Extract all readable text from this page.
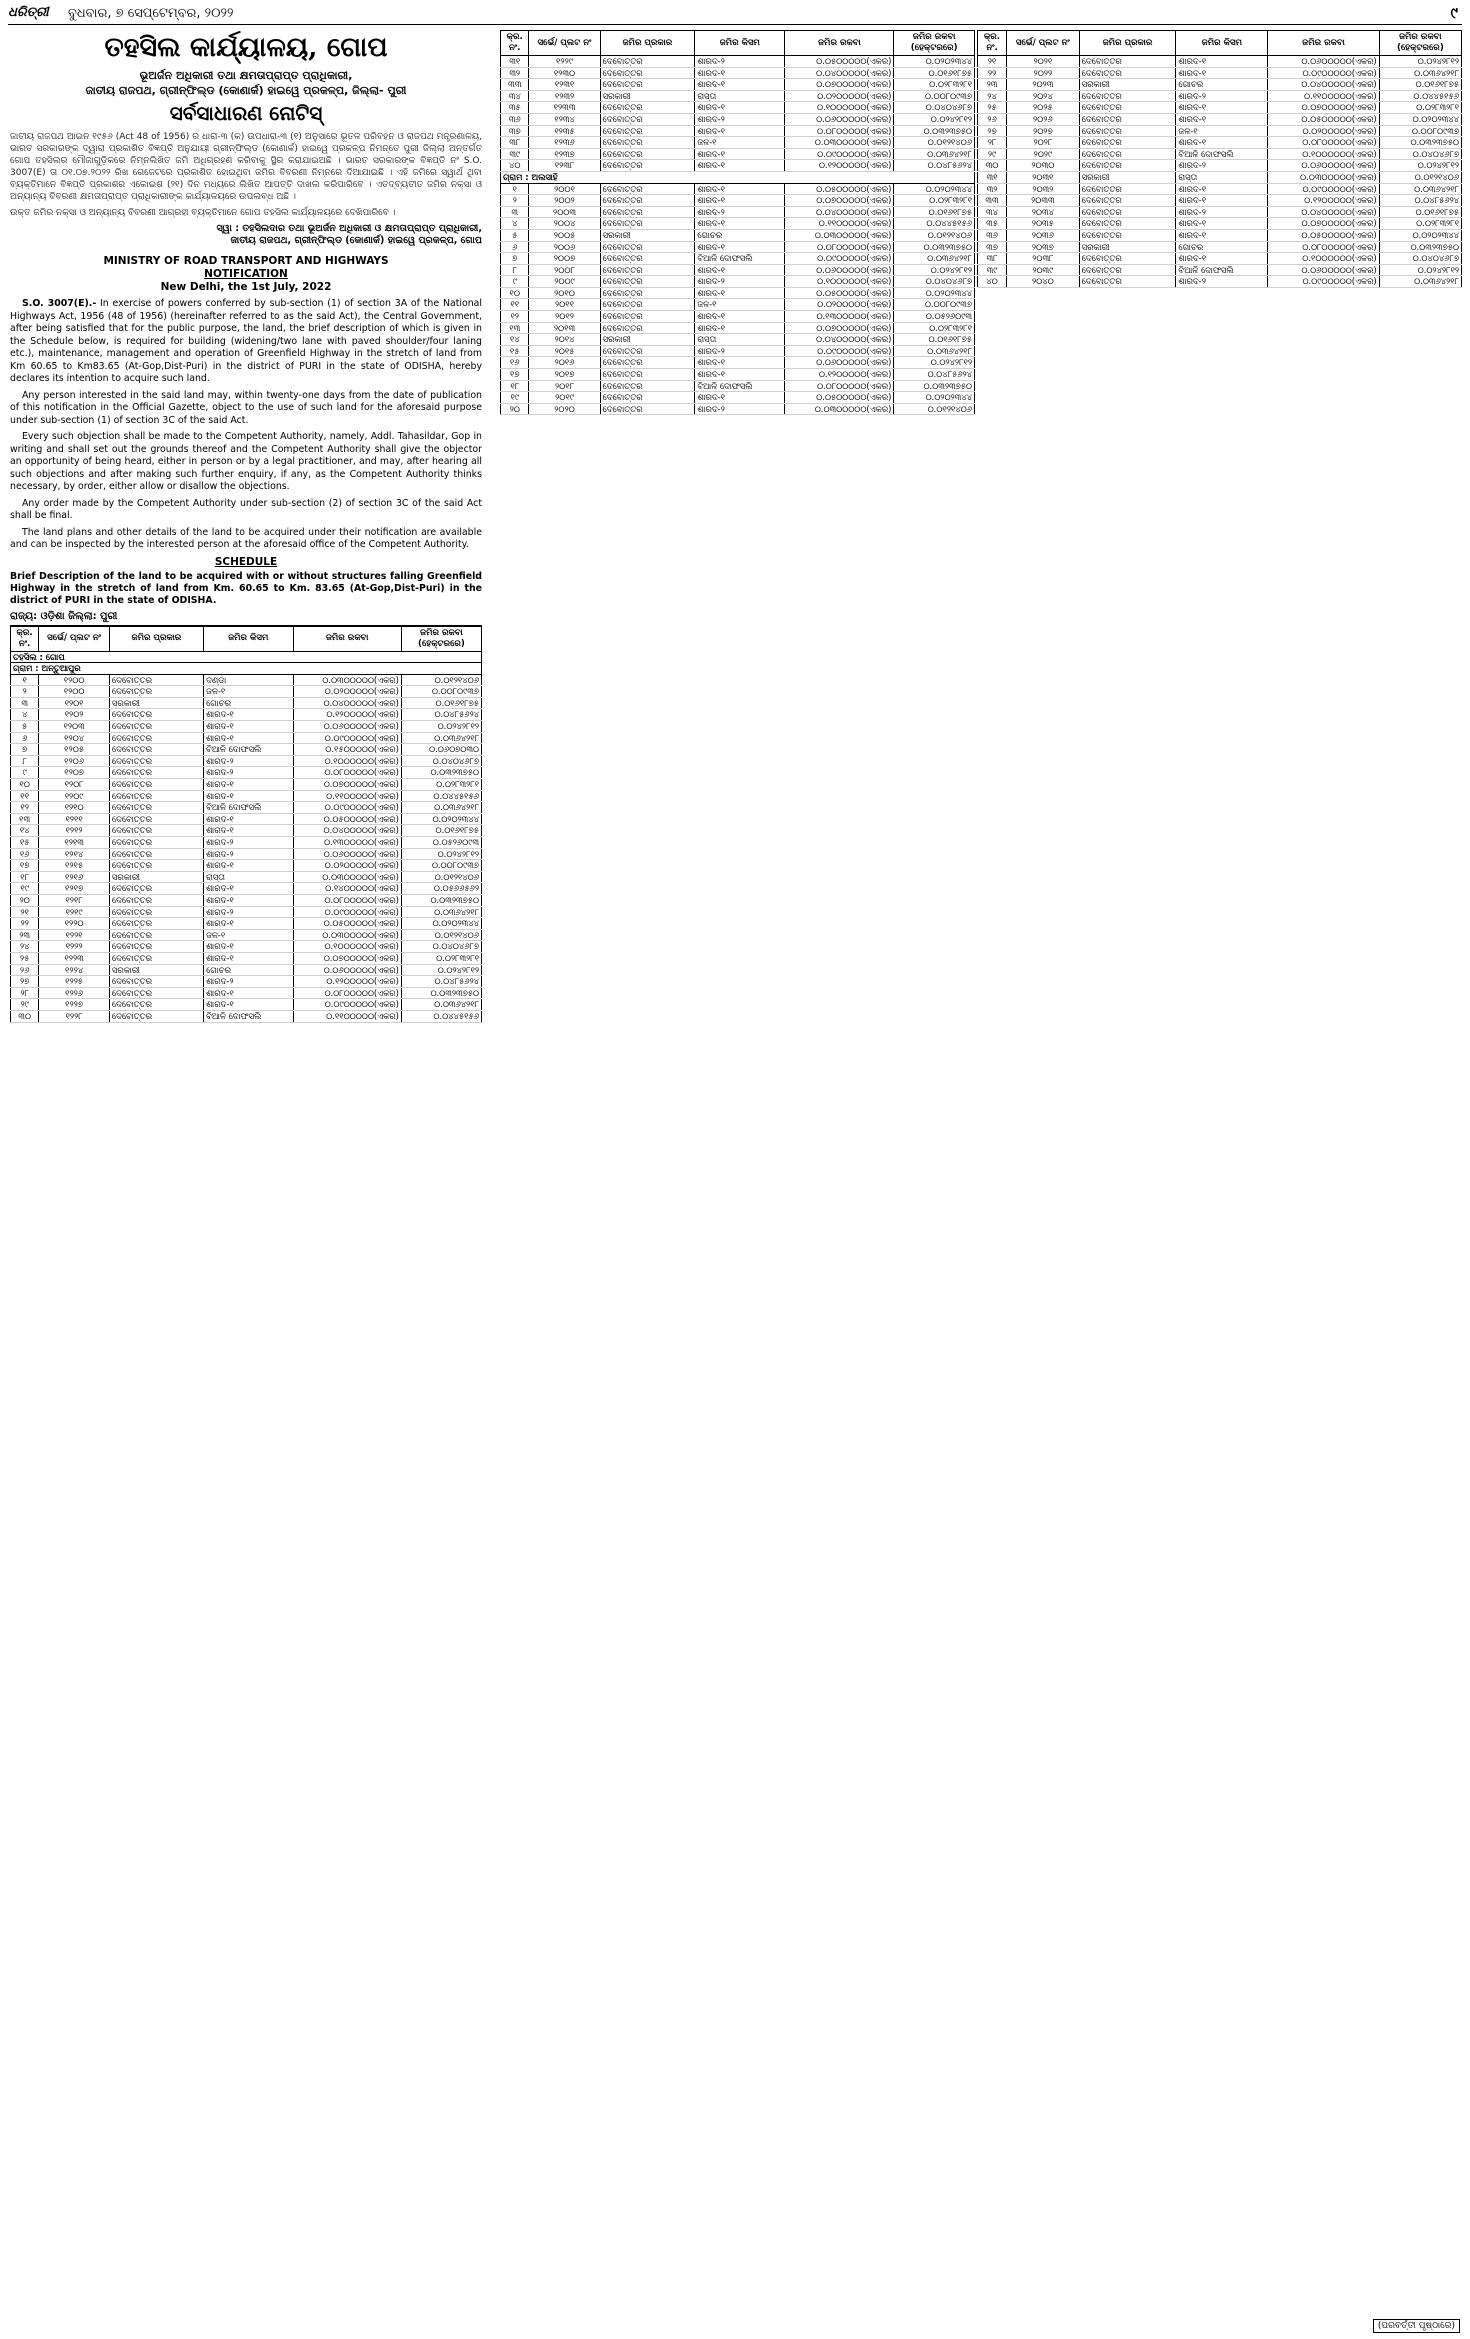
ଧରିତ୍ରୀ ବୁଧବାର, ୭ ସେପ୍ଟେମ୍ବର, ୨୦୨୨	୯
ତହସିଲ କାର୍ଯ୍ୟାଳୟ, ଗୋପ
ଭୂଅର୍ଜନ ଅଧିକାରୀ ତଥା କ୍ଷମତାପ୍ରାପ୍ତ ପ୍ରାଧିକାରୀ,
ଜାତୀୟ ରାଜପଥ, ଗ୍ରୀନ୍‌ଫିଲ୍ଡ (କୋଣାର୍କ) ହାଇୱେ ପ୍ରକଳ୍ପ, ଜିଲ୍ଲା- ପୁରୀ
ସର୍ବସାଧାରଣ ନୋଟିସ୍

ଜାତୀୟ ରାଜପଥ ଆଇନ ୧୯୫୬ (Act 48 of 1956) ର ଧାରା-୩ (କ) ଉପଧାରା-୩ (୧) ଅନୁସାରେ ଭୂତଳ ପରିବହନ ଓ ରାଜପଥ ମନ୍ତ୍ରଣାଳୟ, ଭାରତ ସରକାରଙ୍କ ଦ୍ୱାରା ପ୍ରକାଶିତ ବିଜ୍ଞପ୍ତି ଅନୁଯାୟୀ ଗ୍ରୀନ୍‌ଫିଲ୍ଡ (କୋଣାର୍କ) ହାଇୱେ ପ୍ରକଳ୍ପ ନିମନ୍ତେ ପୁରୀ ଜିଲ୍ଲା ଅନ୍ତର୍ଗତ ଗୋପ ତହସିଲର ମୌଜାଗୁଡ଼ିକରେ ନିମ୍ନଲିଖିତ ଜମି ଅଧିଗ୍ରହଣ କରିବାକୁ ସ୍ଥିର କରାଯାଇଅଛି । ଭାରତ ସରକାରଙ୍କ ବିଜ୍ଞପ୍ତି ନଂ S.O. 3007(E) ତା ୦୧.୦୭.୨୦୨୨ ରିଖ ଗେଜେଟରେ ପ୍ରକାଶିତ ହୋଇଥିବା ଜମିର ବିବରଣୀ ନିମ୍ନରେ ଦିଆଯାଇଛି । ଏହି ଜମିରେ ସ୍ୱାର୍ଥ ଥିବା ବ୍ୟକ୍ତିମାନେ ବିଜ୍ଞପ୍ତି ପ୍ରକାଶର ଏକୋଇଶ (୨୧) ଦିନ ମଧ୍ୟରେ ଲିଖିତ ଆପତ୍ତି ଦାଖଲ କରିପାରିବେ । ଏତଦ୍ବ୍ୟତୀତ ଜମିର ନକ୍ସା ଓ ଅନ୍ୟାନ୍ୟ ବିବରଣୀ କ୍ଷମତାପ୍ରାପ୍ତ ପ୍ରାଧିକାରୀଙ୍କ କାର୍ଯ୍ୟାଳୟରେ ଉପଲବ୍ଧ ଅଛି ।

ଉକ୍ତ ଜମିର ନକ୍ସା ଓ ଅନ୍ୟାନ୍ୟ ବିବରଣୀ ଆଗ୍ରହୀ ବ୍ୟକ୍ତିମାନେ ଗୋପ ତହସିଲ କାର୍ଯ୍ୟାଳୟରେ ଦେଖିପାରିବେ ।

ସ୍ୱା : ତହସିଲଦାର ତଥା ଭୂଅର୍ଜନ ଅଧିକାରୀ ଓ କ୍ଷମତାପ୍ରାପ୍ତ ପ୍ରାଧିକାରୀ,
ଜାତୀୟ ରାଜପଥ, ଗ୍ରୀନ୍‌ଫିଲ୍ଡ (କୋଣାର୍କ) ହାଇୱେ ପ୍ରକଳ୍ପ, ଗୋପ
MINISTRY OF ROAD TRANSPORT AND HIGHWAYS
NOTIFICATION
New Delhi, the 1st July, 2022

S.O. 3007(E).- In exercise of powers conferred by sub-section (1) of section 3A of the National Highways Act, 1956 (48 of 1956) (hereinafter referred to as the said Act), the Central Government, after being satisfied that for the public purpose, the land, the brief description of which is given in the Schedule below, is required for building (widening/two lane with paved shoulder/four laning etc.), maintenance, management and operation of Greenfield Highway in the stretch of land from Km 60.65 to Km83.65 (At-Gop,Dist-Puri) in the district of PURI in the state of ODISHA, hereby declares its intention to acquire such land.

Any person interested in the said land may, within twenty-one days from the date of publication of this notification in the Official Gazette, object to the use of such land for the aforesaid purpose under sub-section (1) of section 3C of the said Act.

Every such objection shall be made to the Competent Authority, namely, Addl. Tahasildar, Gop in writing and shall set out the grounds thereof and the Competent Authority shall give the objector an opportunity of being heard, either in person or by a legal practitioner, and may, after hearing all such objections and after making such further enquiry, if any, as the Competent Authority thinks necessary, by order, either allow or disallow the objections.

Any order made by the Competent Authority under sub-section (2) of section 3C of the said Act shall be final.

The land plans and other details of the land to be acquired under their notification are available and can be inspected by the interested person at the aforesaid office of the Competent Authority.

SCHEDULE

Brief Description of the land to be acquired with or without structures falling Greenfield Highway in the stretch of land from Km. 60.65 to Km. 83.65 (At-Gop,Dist-Puri) in the district of PURI in the state of ODISHA.

ରାଜ୍ୟ: ଓଡ଼ିଶା ଜିଲ୍ଲା: ପୁରୀ
କ୍ର. ନଂ.	ସର୍ଭେ/ ପ୍ଲଟ ନଂ	ଜମିର ପ୍ରକାର	ଜମିର କିସମ	ଜମିର ରକବା	ଜମିର ରକବା (ହେକ୍ଟରରେ)
ତହସିଲ : ଗୋପ					
ଗ୍ରାମ : ଅନ୍ତୁଆପୁର					
୧	୧୨୦୦	ଦେବୋତ୍ତର	ଦଣ୍ଡା	୦.୦୩୦୦୦୦୦(ଏକର)	୦.୦୧୨୧୪୦୬
୨	୧୨୦୦	ଦେବୋତ୍ତର	ଜଳ-୧	୦.୦୨୦୦୦୦୦(ଏକର)	୦.୦୦୮୦୯୩୭
୩	୧୨୦୧	ସରକାରୀ	ଗୋଚର	୦.୦୪୦୦୦୦୦(ଏକର)	୦.୦୧୬୧୮୭୫
୪	୧୨୦୨	ଦେବୋତ୍ତର	ଶାରଦ-୧	୦.୧୨୦୦୦୦୦(ଏକର)	୦.୦୪୮୫୬୨୪
୫	୧୨୦୩	ଦେବୋତ୍ତର	ଶାରଦ-୧	୦.୦୬୦୦୦୦୦(ଏକର)	୦.୦୨୪୨୮୧୨
୬	୧୨୦୪	ଦେବୋତ୍ତର	ଶାରଦ-୧	୦.୦୯୦୦୦୦୦(ଏକର)	୦.୦୩୬୪୨୧୮
୭	୧୨୦୫	ଦେବୋତ୍ତର	ବିଆଳି ଦୋଫସଲି	୦.୧୫୦୦୦୦୦(ଏକର)	୦.୦୬୦୭୦୩୦
୮	୧୨୦୬	ଦେବୋତ୍ତର	ଶାରଦ-୨	୦.୧୦୦୦୦୦୦(ଏକର)	୦.୦୪୦୪୬୮୭
୯	୧୨୦୭	ଦେବୋତ୍ତର	ଶାରଦ-୨	୦.୦୮୦୦୦୦୦(ଏକର)	୦.୦୩୨୩୭୫୦
୧୦	୧୨୦୮	ଦେବୋତ୍ତର	ଶାରଦ-୧	୦.୦୭୦୦୦୦୦(ଏକର)	୦.୦୨୮୩୨୮୧
୧୧	୧୨୦୯	ଦେବୋତ୍ତର	ଶାରଦ-୧	୦.୧୧୦୦୦୦୦(ଏକର)	୦.୦୪୪୫୧୫୬
୧୨	୧୨୧୦	ଦେବୋତ୍ତର	ବିଆଳି ଦୋଫସଲି	୦.୦୯୦୦୦୦୦(ଏକର)	୦.୦୩୬୪୨୧୮
୧୩	୧୨୧୧	ଦେବୋତ୍ତର	ଶାରଦ-୧	୦.୦୫୦୦୦୦୦(ଏକର)	୦.୦୨୦୨୩୪୪
୧୪	୧୨୧୨	ଦେବୋତ୍ତର	ଶାରଦ-୧	୦.୦୪୦୦୦୦୦(ଏକର)	୦.୦୧୬୧୮୭୫
୧୫	୧୨୧୩	ଦେବୋତ୍ତର	ଶାରଦ-୨	୦.୧୩୦୦୦୦୦(ଏକର)	୦.୦୫୨୬୦୯୩
୧୬	୧୨୧୪	ଦେବୋତ୍ତର	ଶାରଦ-୨	୦.୦୬୦୦୦୦୦(ଏକର)	୦.୦୨୪୨୮୧୨
୧୭	୧୨୧୫	ଦେବୋତ୍ତର	ଶାରଦ-୧	୦.୦୨୦୦୦୦୦(ଏକର)	୦.୦୦୮୦୯୩୭
୧୮	୧୨୧୬	ସରକାରୀ	ରାସ୍ତା	୦.୦୩୦୦୦୦୦(ଏକର)	୦.୦୧୨୧୪୦୬
୧୯	୧୨୧୭	ଦେବୋତ୍ତର	ଶାରଦ-୧	୦.୧୪୦୦୦୦୦(ଏକର)	୦.୦୫୬୬୫୬୨
୨୦	୧୨୧୮	ଦେବୋତ୍ତର	ଶାରଦ-୧	୦.୦୮୦୦୦୦୦(ଏକର)	୦.୦୩୨୩୭୫୦
୨୧	୧୨୧୯	ଦେବୋତ୍ତର	ଶାରଦ-୨	୦.୦୯୦୦୦୦୦(ଏକର)	୦.୦୩୬୪୨୧୮
୨୨	୧୨୨୦	ଦେବୋତ୍ତର	ଶାରଦ-୧	୦.୦୫୦୦୦୦୦(ଏକର)	୦.୦୨୦୨୩୪୪
୨୩	୧୨୨୧	ଦେବୋତ୍ତର	ଜଳ-୧	୦.୦୩୦୦୦୦୦(ଏକର)	୦.୦୧୨୧୪୦୬
୨୪	୧୨୨୨	ଦେବୋତ୍ତର	ଶାରଦ-୧	୦.୧୦୦୦୦୦୦(ଏକର)	୦.୦୪୦୪୬୮୭
୨୫	୧୨୨୩	ଦେବୋତ୍ତର	ଶାରଦ-୧	୦.୦୭୦୦୦୦୦(ଏକର)	୦.୦୨୮୩୨୮୧
୨୬	୧୨୨୪	ସରକାରୀ	ଗୋଚର	୦.୦୬୦୦୦୦୦(ଏକର)	୦.୦୨୪୨୮୧୨
୨୭	୧୨୨୫	ଦେବୋତ୍ତର	ଶାରଦ-୨	୦.୧୨୦୦୦୦୦(ଏକର)	୦.୦୪୮୫୬୨୪
୨୮	୧୨୨୬	ଦେବୋତ୍ତର	ଶାରଦ-୧	୦.୦୮୦୦୦୦୦(ଏକର)	୦.୦୩୨୩୭୫୦
୨୯	୧୨୨୭	ଦେବୋତ୍ତର	ଶାରଦ-୧	୦.୦୯୦୦୦୦୦(ଏକର)	୦.୦୩୬୪୨୧୮
୩୦	୧୨୨୮	ଦେବୋତ୍ତର	ବିଆଳି ଦୋଫସଲି	୦.୧୧୦୦୦୦୦(ଏକର)	୦.୦୪୪୫୧୫୬
କ୍ର. ନଂ.	ସର୍ଭେ/ ପ୍ଲଟ ନଂ	ଜମିର ପ୍ରକାର	ଜମିର କିସମ	ଜମିର ରକବା	ଜମିର ରକବା (ହେକ୍ଟରରେ)
୩୧	୧୨୨୯	ଦେବୋତ୍ତର	ଶାରଦ-୨	୦.୦୫୦୦୦୦୦(ଏକର)	୦.୦୨୦୨୩୪୪
୩୨	୧୨୩୦	ଦେବୋତ୍ତର	ଶାରଦ-୧	୦.୦୪୦୦୦୦୦(ଏକର)	୦.୦୧୬୧୮୭୫
୩୩	୧୨୩୧	ଦେବୋତ୍ତର	ଶାରଦ-୧	୦.୦୭୦୦୦୦୦(ଏକର)	୦.୦୨୮୩୨୮୧
୩୪	୧୨୩୨	ସରକାରୀ	ରାସ୍ତା	୦.୦୨୦୦୦୦୦(ଏକର)	୦.୦୦୮୦୯୩୭
୩୫	୧୨୩୩	ଦେବୋତ୍ତର	ଶାରଦ-୧	୦.୧୦୦୦୦୦୦(ଏକର)	୦.୦୪୦୪୬୮୭
୩୬	୧୨୩୪	ଦେବୋତ୍ତର	ଶାରଦ-୨	୦.୦୬୦୦୦୦୦(ଏକର)	୦.୦୨୪୨୮୧୨
୩୭	୧୨୩୫	ଦେବୋତ୍ତର	ଶାରଦ-୧	୦.୦୮୦୦୦୦୦(ଏକର)	୦.୦୩୨୩୭୫୦
୩୮	୧୨୩୬	ଦେବୋତ୍ତର	ଜଳ-୧	୦.୦୩୦୦୦୦୦(ଏକର)	୦.୦୧୨୧୪୦୬
୩୯	୧୨୩୭	ଦେବୋତ୍ତର	ଶାରଦ-୧	୦.୦୯୦୦୦୦୦(ଏକର)	୦.୦୩୬୪୨୧୮
୪୦	୧୨୩୮	ଦେବୋତ୍ତର	ଶାରଦ-୧	୦.୧୨୦୦୦୦୦(ଏକର)	୦.୦୪୮୫୬୨୪
ଗ୍ରାମ : ଅଲସାହି					
୧	୨୦୦୧	ଦେବୋତ୍ତର	ଶାରଦ-୧	୦.୦୫୦୦୦୦୦(ଏକର)	୦.୦୨୦୨୩୪୪
୨	୨୦୦୨	ଦେବୋତ୍ତର	ଶାରଦ-୧	୦.୦୭୦୦୦୦୦(ଏକର)	୦.୦୨୮୩୨୮୧
୩	୨୦୦୩	ଦେବୋତ୍ତର	ଶାରଦ-୨	୦.୦୪୦୦୦୦୦(ଏକର)	୦.୦୧୬୧୮୭୫
୪	୨୦୦୪	ଦେବୋତ୍ତର	ଶାରଦ-୧	୦.୧୧୦୦୦୦୦(ଏକର)	୦.୦୪୪୫୧୫୬
୫	୨୦୦୫	ସରକାରୀ	ଗୋଚର	୦.୦୩୦୦୦୦୦(ଏକର)	୦.୦୧୨୧୪୦୬
୬	୨୦୦୬	ଦେବୋତ୍ତର	ଶାରଦ-୧	୦.୦୮୦୦୦୦୦(ଏକର)	୦.୦୩୨୩୭୫୦
୭	୨୦୦୭	ଦେବୋତ୍ତର	ବିଆଳି ଦୋଫସଲି	୦.୦୯୦୦୦୦୦(ଏକର)	୦.୦୩୬୪୨୧୮
୮	୨୦୦୮	ଦେବୋତ୍ତର	ଶାରଦ-୧	୦.୦୬୦୦୦୦୦(ଏକର)	୦.୦୨୪୨୮୧୨
୯	୨୦୦୯	ଦେବୋତ୍ତର	ଶାରଦ-୨	୦.୧୦୦୦୦୦୦(ଏକର)	୦.୦୪୦୪୬୮୭
୧୦	୨୦୧୦	ଦେବୋତ୍ତର	ଶାରଦ-୧	୦.୦୫୦୦୦୦୦(ଏକର)	୦.୦୨୦୨୩୪୪
୧୧	୨୦୧୧	ଦେବୋତ୍ତର	ଜଳ-୧	୦.୦୨୦୦୦୦୦(ଏକର)	୦.୦୦୮୦୯୩୭
୧୨	୨୦୧୨	ଦେବୋତ୍ତର	ଶାରଦ-୧	୦.୧୩୦୦୦୦୦(ଏକର)	୦.୦୫୨୬୦୯୩
୧୩	୨୦୧୩	ଦେବୋତ୍ତର	ଶାରଦ-୧	୦.୦୭୦୦୦୦୦(ଏକର)	୦.୦୨୮୩୨୮୧
୧୪	୨୦୧୪	ସରକାରୀ	ରାସ୍ତା	୦.୦୪୦୦୦୦୦(ଏକର)	୦.୦୧୬୧୮୭୫
୧୫	୨୦୧୫	ଦେବୋତ୍ତର	ଶାରଦ-୨	୦.୦୯୦୦୦୦୦(ଏକର)	୦.୦୩୬୪୨୧୮
୧୬	୨୦୧୬	ଦେବୋତ୍ତର	ଶାରଦ-୧	୦.୦୬୦୦୦୦୦(ଏକର)	୦.୦୨୪୨୮୧୨
୧୭	୨୦୧୭	ଦେବୋତ୍ତର	ଶାରଦ-୧	୦.୧୨୦୦୦୦୦(ଏକର)	୦.୦୪୮୫୬୨୪
୧୮	୨୦୧୮	ଦେବୋତ୍ତର	ବିଆଳି ଦୋଫସଲି	୦.୦୮୦୦୦୦୦(ଏକର)	୦.୦୩୨୩୭୫୦
୧୯	୨୦୧୯	ଦେବୋତ୍ତର	ଶାରଦ-୧	୦.୦୫୦୦୦୦୦(ଏକର)	୦.୦୨୦୨୩୪୪
୨୦	୨୦୨୦	ଦେବୋତ୍ତର	ଶାରଦ-୨	୦.୦୩୦୦୦୦୦(ଏକର)	୦.୦୧୨୧୪୦୬
କ୍ର. ନଂ.	ସର୍ଭେ/ ପ୍ଲଟ ନଂ	ଜମିର ପ୍ରକାର	ଜମିର କିସମ	ଜମିର ରକବା	ଜମିର ରକବା (ହେକ୍ଟରରେ)
୨୧	୨୦୨୧	ଦେବୋତ୍ତର	ଶାରଦ-୧	୦.୦୬୦୦୦୦୦(ଏକର)	୦.୦୨୪୨୮୧୨
୨୨	୨୦୨୨	ଦେବୋତ୍ତର	ଶାରଦ-୧	୦.୦୯୦୦୦୦୦(ଏକର)	୦.୦୩୬୪୨୧୮
୨୩	୨୦୨୩	ସରକାରୀ	ଗୋଚର	୦.୦୪୦୦୦୦୦(ଏକର)	୦.୦୧୬୧୮୭୫
୨୪	୨୦୨୪	ଦେବୋତ୍ତର	ଶାରଦ-୨	୦.୧୧୦୦୦୦୦(ଏକର)	୦.୦୪୪୫୧୫୬
୨୫	୨୦୨୫	ଦେବୋତ୍ତର	ଶାରଦ-୧	୦.୦୭୦୦୦୦୦(ଏକର)	୦.୦୨୮୩୨୮୧
୨୬	୨୦୨୬	ଦେବୋତ୍ତର	ଶାରଦ-୧	୦.୦୫୦୦୦୦୦(ଏକର)	୦.୦୨୦୨୩୪୪
୨୭	୨୦୨୭	ଦେବୋତ୍ତର	ଜଳ-୧	୦.୦୨୦୦୦୦୦(ଏକର)	୦.୦୦୮୦୯୩୭
୨୮	୨୦୨୮	ଦେବୋତ୍ତର	ଶାରଦ-୧	୦.୦୮୦୦୦୦୦(ଏକର)	୦.୦୩୨୩୭୫୦
୨୯	୨୦୨୯	ଦେବୋତ୍ତର	ବିଆଳି ଦୋଫସଲି	୦.୧୦୦୦୦୦୦(ଏକର)	୦.୦୪୦୪୬୮୭
୩୦	୨୦୩୦	ଦେବୋତ୍ତର	ଶାରଦ-୨	୦.୦୬୦୦୦୦୦(ଏକର)	୦.୦୨୪୨୮୧୨
୩୧	୨୦୩୧	ସରକାରୀ	ରାସ୍ତା	୦.୦୩୦୦୦୦୦(ଏକର)	୦.୦୧୨୧୪୦୬
୩୨	୨୦୩୨	ଦେବୋତ୍ତର	ଶାରଦ-୧	୦.୦୯୦୦୦୦୦(ଏକର)	୦.୦୩୬୪୨୧୮
୩୩	୨୦୩୩	ଦେବୋତ୍ତର	ଶାରଦ-୧	୦.୧୨୦୦୦୦୦(ଏକର)	୦.୦୪୮୫୬୨୪
୩୪	୨୦୩୪	ଦେବୋତ୍ତର	ଶାରଦ-୨	୦.୦୪୦୦୦୦୦(ଏକର)	୦.୦୧୬୧୮୭୫
୩୫	୨୦୩୫	ଦେବୋତ୍ତର	ଶାରଦ-୧	୦.୦୭୦୦୦୦୦(ଏକର)	୦.୦୨୮୩୨୮୧
୩୬	୨୦୩୬	ଦେବୋତ୍ତର	ଶାରଦ-୧	୦.୦୫୦୦୦୦୦(ଏକର)	୦.୦୨୦୨୩୪୪
୩୭	୨୦୩୭	ସରକାରୀ	ଗୋଚର	୦.୦୮୦୦୦୦୦(ଏକର)	୦.୦୩୨୩୭୫୦
୩୮	୨୦୩୮	ଦେବୋତ୍ତର	ଶାରଦ-୧	୦.୧୦୦୦୦୦୦(ଏକର)	୦.୦୪୦୪୬୮୭
୩୯	୨୦୩୯	ଦେବୋତ୍ତର	ବିଆଳି ଦୋଫସଲି	୦.୦୬୦୦୦୦୦(ଏକର)	୦.୦୨୪୨୮୧୨
୪୦	୨୦୪୦	ଦେବୋତ୍ତର	ଶାରଦ-୨	୦.୦୯୦୦୦୦୦(ଏକର)	୦.୦୩୬୪୨୧୮
(ପରବର୍ତ୍ତୀ ପୃଷ୍ଠାରେ)
